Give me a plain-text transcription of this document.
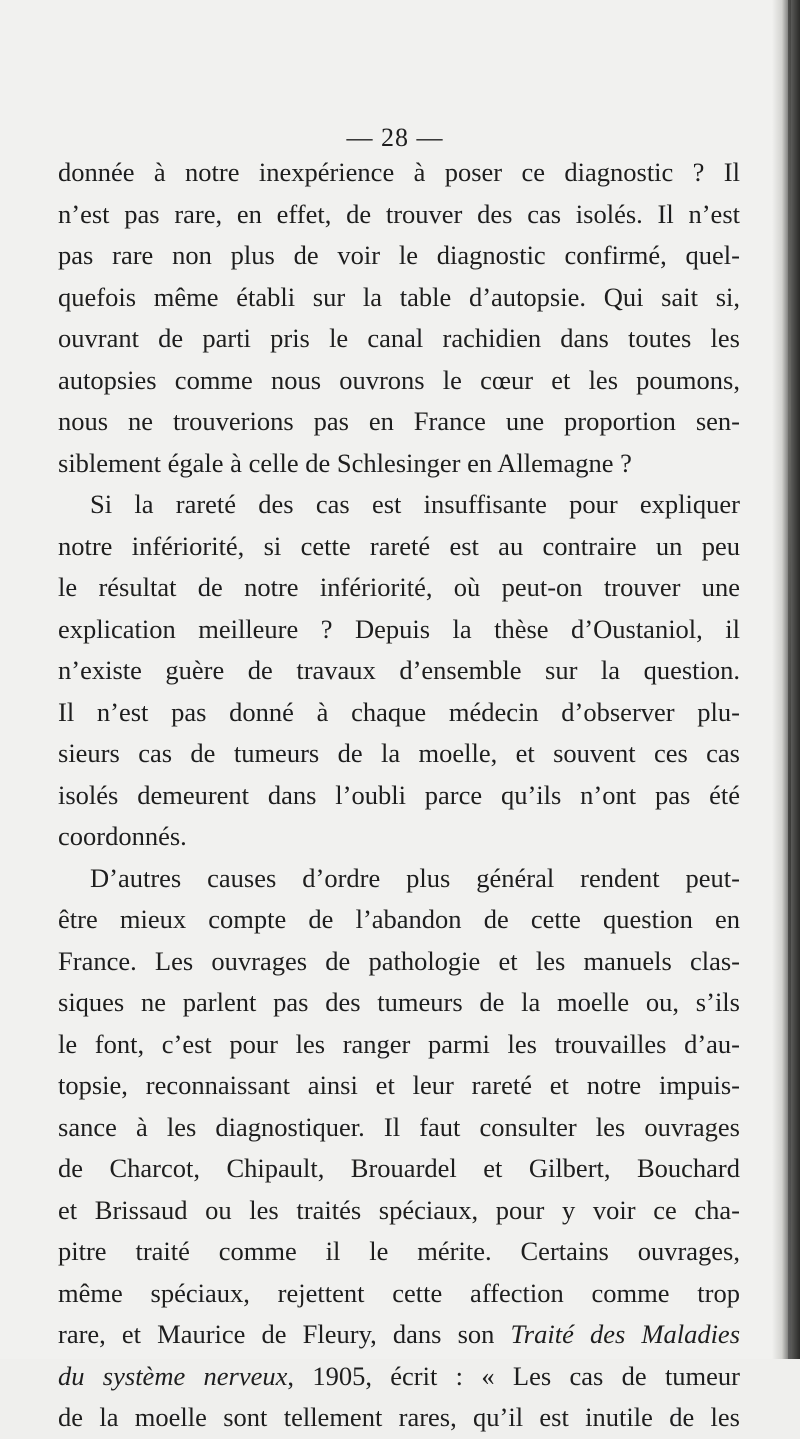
— 28 —
donnée à notre inexpérience à poser ce diagnostic ? Il
n’est pas rare, en effet, de trouver des cas isolés. Il n’est
pas rare non plus de voir le diagnostic confirmé, quel-
quefois même établi sur la table d’autopsie. Qui sait si,
ouvrant de parti pris le canal rachidien dans toutes les
autopsies comme nous ouvrons le cœur et les poumons,
nous ne trouverions pas en France une proportion sen-
siblement égale à celle de Schlesinger en Allemagne ?
Si la rareté des cas est insuffisante pour expliquer
notre infériorité, si cette rareté est au contraire un peu
le résultat de notre infériorité, où peut-on trouver une
explication meilleure ? Depuis la thèse d’Oustaniol, il
n’existe guère de travaux d’ensemble sur la question.
Il n’est pas donné à chaque médecin d’observer plu-
sieurs cas de tumeurs de la moelle, et souvent ces cas
isolés demeurent dans l’oubli parce qu’ils n’ont pas été
coordonnés.
D’autres causes d’ordre plus général rendent peut-
être mieux compte de l’abandon de cette question en
France. Les ouvrages de pathologie et les manuels clas-
siques ne parlent pas des tumeurs de la moelle ou, s’ils
le font, c’est pour les ranger parmi les trouvailles d’au-
topsie, reconnaissant ainsi et leur rareté et notre impuis-
sance à les diagnostiquer. Il faut consulter les ouvrages
de Charcot, Chipault, Brouardel et Gilbert, Bouchard
et Brissaud ou les traités spéciaux, pour y voir ce cha-
pitre traité comme il le mérite. Certains ouvrages,
même spéciaux, rejettent cette affection comme trop
rare, et Maurice de Fleury, dans son Traité des Maladies
du système nerveux, 1905, écrit : « Les cas de tumeur
de la moelle sont tellement rares, qu’il est inutile de les
